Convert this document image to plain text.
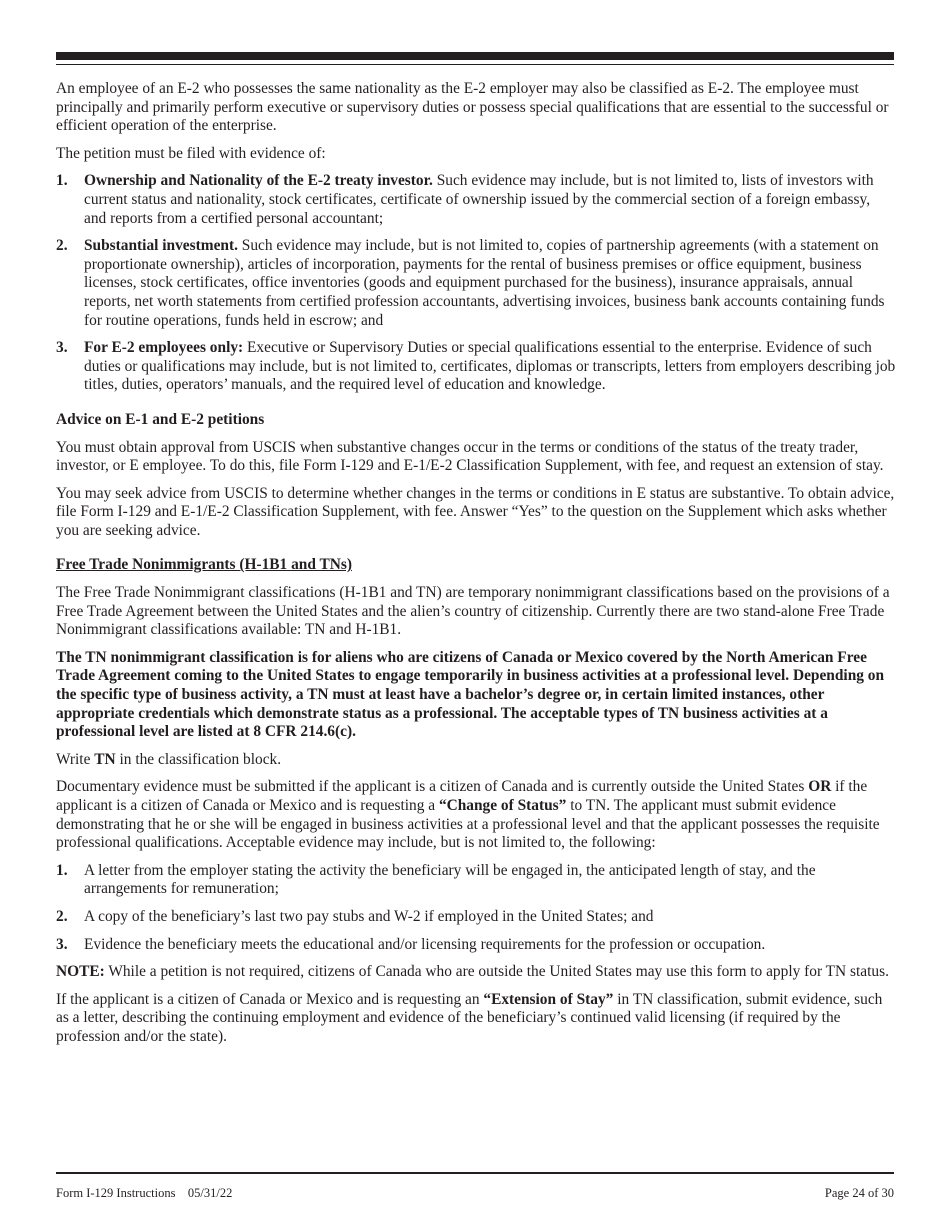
An employee of an E-2 who possesses the same nationality as the E-2 employer may also be classified as E-2. The employee must principally and primarily perform executive or supervisory duties or possess special qualifications that are essential to the successful or efficient operation of the enterprise.

The petition must be filed with evidence of:

1. Ownership and Nationality of the E-2 treaty investor. Such evidence may include, but is not limited to, lists of investors with current status and nationality, stock certificates, certificate of ownership issued by the commercial section of a foreign embassy, and reports from a certified personal accountant;
2. Substantial investment. Such evidence may include, but is not limited to, copies of partnership agreements (with a statement on proportionate ownership), articles of incorporation, payments for the rental of business premises or office equipment, business licenses, stock certificates, office inventories (goods and equipment purchased for the business), insurance appraisals, annual reports, net worth statements from certified profession accountants, advertising invoices, business bank accounts containing funds for routine operations, funds held in escrow; and
3. For E-2 employees only: Executive or Supervisory Duties or special qualifications essential to the enterprise. Evidence of such duties or qualifications may include, but is not limited to, certificates, diplomas or transcripts, letters from employers describing job titles, duties, operators’ manuals, and the required level of education and knowledge.

Advice on E-1 and E-2 petitions

You must obtain approval from USCIS when substantive changes occur in the terms or conditions of the status of the treaty trader, investor, or E employee. To do this, file Form I-129 and E-1/E-2 Classification Supplement, with fee, and request an extension of stay.

You may seek advice from USCIS to determine whether changes in the terms or conditions in E status are substantive. To obtain advice, file Form I-129 and E-1/E-2 Classification Supplement, with fee. Answer “Yes” to the question on the Supplement which asks whether you are seeking advice.

Free Trade Nonimmigrants (H-1B1 and TNs)

The Free Trade Nonimmigrant classifications (H-1B1 and TN) are temporary nonimmigrant classifications based on the provisions of a Free Trade Agreement between the United States and the alien’s country of citizenship. Currently there are two stand-alone Free Trade Nonimmigrant classifications available: TN and H-1B1.

The TN nonimmigrant classification is for aliens who are citizens of Canada or Mexico covered by the North American Free Trade Agreement coming to the United States to engage temporarily in business activities at a professional level. Depending on the specific type of business activity, a TN must at least have a bachelor’s degree or, in certain limited instances, other appropriate credentials which demonstrate status as a professional. The acceptable types of TN business activities at a professional level are listed at 8 CFR 214.6(c).

Write TN in the classification block.

Documentary evidence must be submitted if the applicant is a citizen of Canada and is currently outside the United States OR if the applicant is a citizen of Canada or Mexico and is requesting a “Change of Status” to TN. The applicant must submit evidence demonstrating that he or she will be engaged in business activities at a professional level and that the applicant possesses the requisite professional qualifications. Acceptable evidence may include, but is not limited to, the following:

1. A letter from the employer stating the activity the beneficiary will be engaged in, the anticipated length of stay, and the arrangements for remuneration;
2. A copy of the beneficiary’s last two pay stubs and W-2 if employed in the United States; and
3. Evidence the beneficiary meets the educational and/or licensing requirements for the profession or occupation.

NOTE: While a petition is not required, citizens of Canada who are outside the United States may use this form to apply for TN status.

If the applicant is a citizen of Canada or Mexico and is requesting an “Extension of Stay” in TN classification, submit evidence, such as a letter, describing the continuing employment and evidence of the beneficiary’s continued valid licensing (if required by the profession and/or the state).

Form I-129 Instructions    05/31/22	Page 24 of 30
